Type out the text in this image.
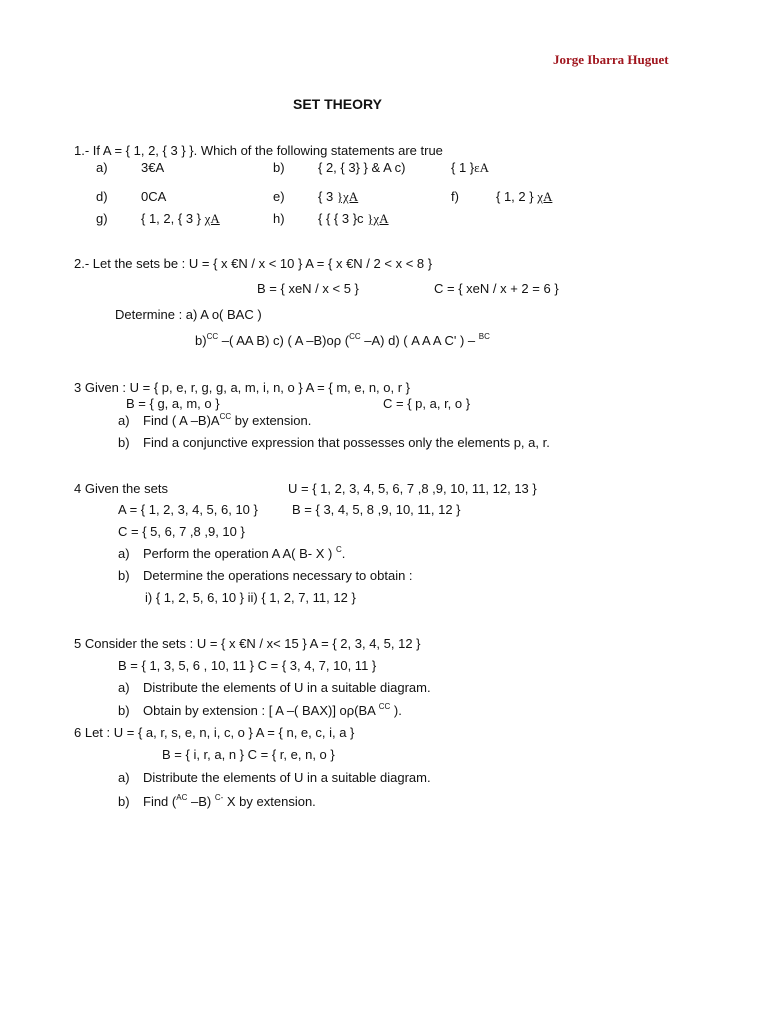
Jorge Ibarra Huguet
SET THEORY
1.- If A = { 1, 2, { 3 } }. Which of the following statements are true
a)	3€A	b)	{ 2, { 3} } & A c)	{ 1 }εA
d)	0CA	e)	{ 3 }χA	f)	{ 1, 2 } χA
g)	{ 1, 2, { 3 } χA	h)	{ { { 3 }c }χA
2.- Let the sets be : U = { x €N / x < 10 } A = { x €N / 2 < x < 8 }
B = { xeN / x < 5 }	C = { xeN / x + 2 = 6 }
Determine : a) A o( BAC )
b)$^{CC}$ –( AA B) c) ( A –B)oρ ($^{CC}$ –A) d) ( A A A C' ) – $^{BC}$
3 Given : U = { p, e, r, g, g, a, m, i, n, o } A = { m, e, n, o, r }
B = { g, a, m, o }	C = { p, a, r, o }
a) Find ( A $-B)A^{CC}$ by extension.
b) Find a conjunctive expression that possesses only the elements p, a, r.
4 Given the sets	U = { 1, 2, 3, 4, 5, 6, 7 ,8 ,9, 10, 11, 12, 13 }
A = { 1, 2, 3, 4, 5, 6, 10 }	B = { 3, 4, 5, 8 ,9, 10, 11, 12 }
C = { 5, 6, 7 ,8 ,9, 10 }
a) Perform the operation A A( B- X ) $^C$.
b) Determine the operations necessary to obtain :
i) { 1, 2, 5, 6, 10 } ii) { 1, 2, 7, 11, 12 }
5 Consider the sets : U = { x €N / x< 15 } A = { 2, 3, 4, 5, 12 }
B = { 1, 3, 5, 6 , 10, 11 } C = { 3, 4, 7, 10, 11 }
a) Distribute the elements of U in a suitable diagram.
b) Obtain by extension : [ A –( BAX)] oρ(BA $^{CC}$ ).
6 Let : U = { a, r, s, e, n, i, c, o } A = { n, e, c, i, a }
B = { i, r, a, n } C = { r, e, n, o }
a) Distribute the elements of U in a suitable diagram.
b) Find ($^{AC}$ –B) $^{C-}$ X by extension.
